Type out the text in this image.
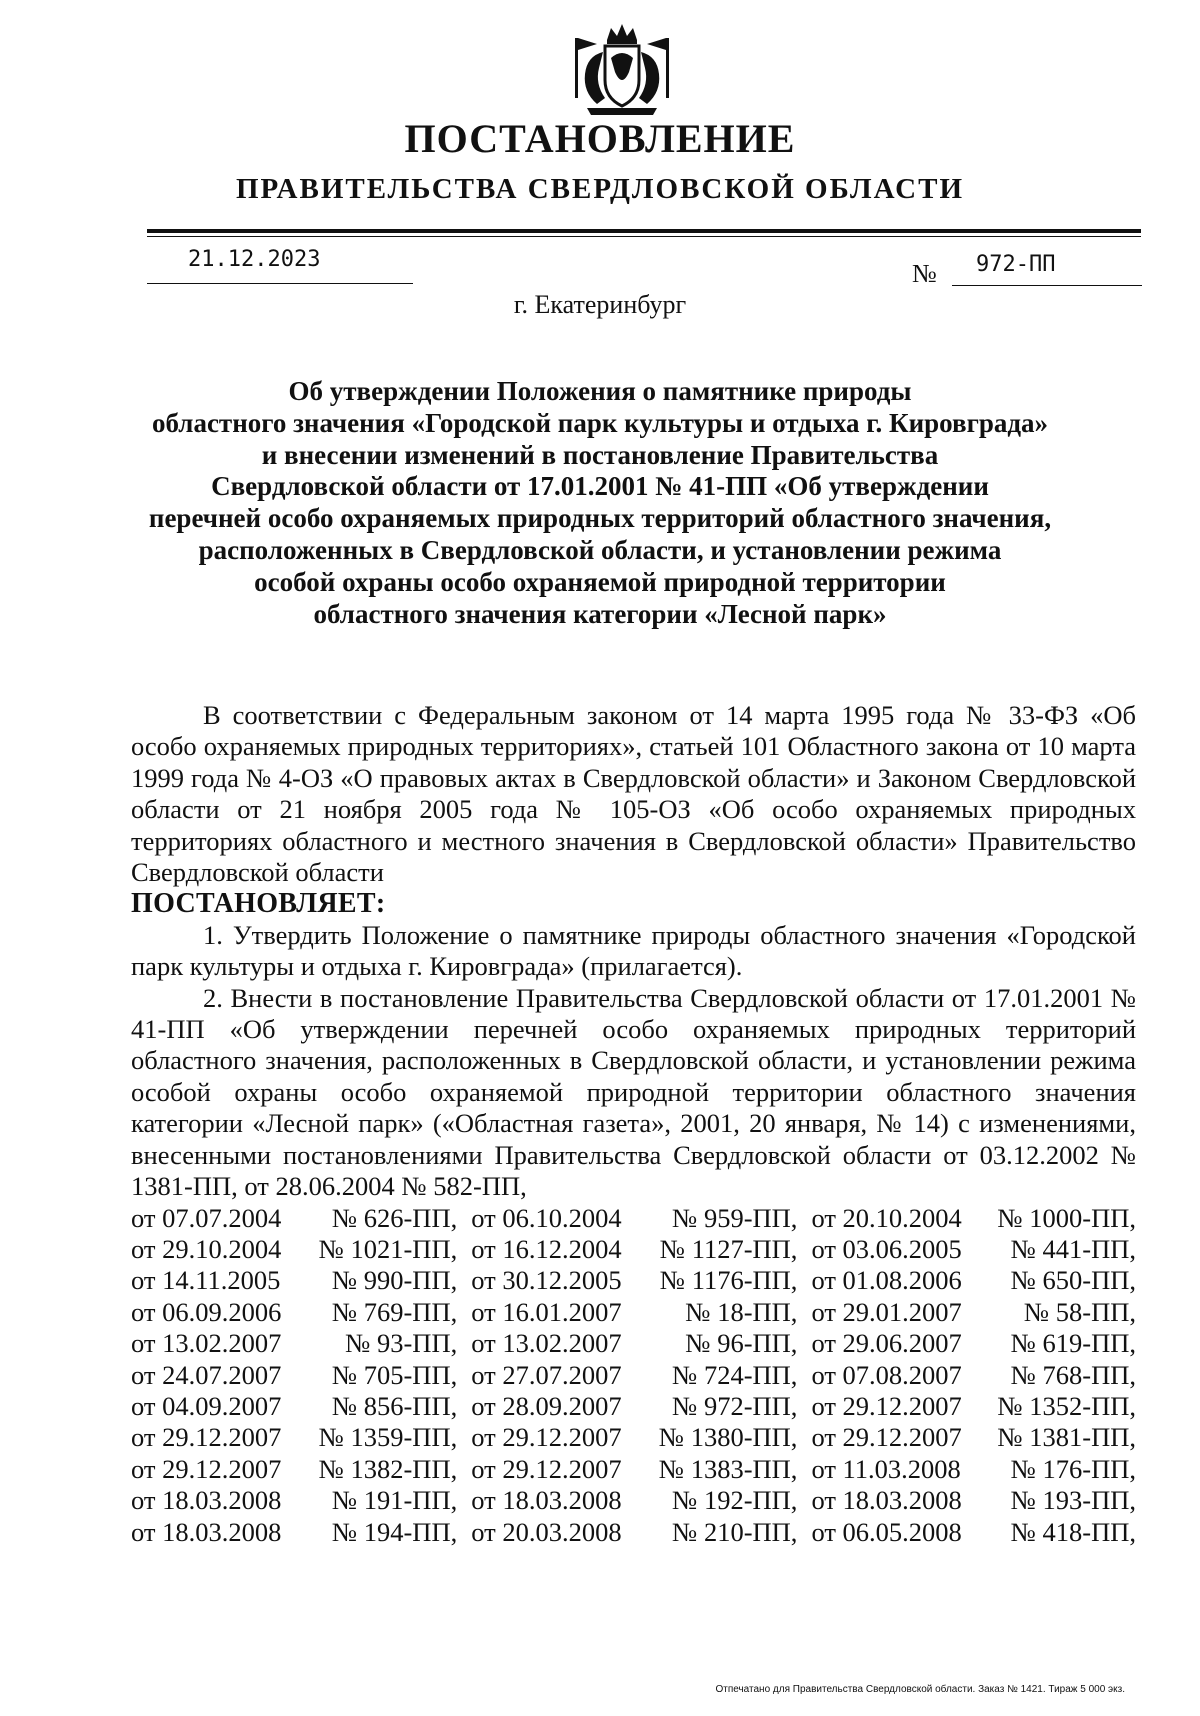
ПОСТАНОВЛЕНИЕ
ПРАВИТЕЛЬСТВА СВЕРДЛОВСКОЙ ОБЛАСТИ
21.12.2023	№ 972-ПП
г. Екатеринбург

Об утверждении Положения о памятнике природы

областного значения «Городской парк культуры и отдыха г. Кировграда»

и внесении изменений в постановление Правительства

Свердловской области от 17.01.2001 № 41-ПП «Об утверждении

перечней особо охраняемых природных территорий областного значения,

расположенных в Свердловской области, и установлении режима

особой охраны особо охраняемой природной территории

областного значения категории «Лесной парк»

В соответствии с Федеральным законом от 14 марта 1995 года № 33-ФЗ «Об особо охраняемых природных территориях», статьей 101 Областного закона от 10 марта 1999 года № 4-ОЗ «О правовых актах в Свердловской области» и Законом Свердловской области от 21 ноября 2005 года № 105-ОЗ «Об особо охраняемых природных территориях областного и местного значения в Свердловской области» Правительство Свердловской области

ПОСТАНОВЛЯЕТ:

1. Утвердить Положение о памятнике природы областного значения «Городской парк культуры и отдыха г. Кировграда» (прилагается).

2. Внести в постановление Правительства Свердловской области от 17.01.2001 № 41-ПП «Об утверждении перечней особо охраняемых природных территорий областного значения, расположенных в Свердловской области, и установлении режима особой охраны особо охраняемой природной территории областного значения категории «Лесной парк» («Областная газета», 2001, 20 января, № 14) с изменениями, внесенными постановлениями Правительства Свердловской области от 03.12.2002 № 1381-ПП, от 28.06.2004 № 582-ПП,

от 07.07.2004	№ 626-ПП,	от 06.10.2004	№ 959-ПП,	от 20.10.2004	№ 1000-ПП,
от 29.10.2004	№ 1021-ПП,	от 16.12.2004	№ 1127-ПП,	от 03.06.2005	№ 441-ПП,
от 14.11.2005	№ 990-ПП,	от 30.12.2005	№ 1176-ПП,	от 01.08.2006	№ 650-ПП,
от 06.09.2006	№ 769-ПП,	от 16.01.2007	№ 18-ПП,	от 29.01.2007	№ 58-ПП,
от 13.02.2007	№ 93-ПП,	от 13.02.2007	№ 96-ПП,	от 29.06.2007	№ 619-ПП,
от 24.07.2007	№ 705-ПП,	от 27.07.2007	№ 724-ПП,	от 07.08.2007	№ 768-ПП,
от 04.09.2007	№ 856-ПП,	от 28.09.2007	№ 972-ПП,	от 29.12.2007	№ 1352-ПП,
от 29.12.2007	№ 1359-ПП,	от 29.12.2007	№ 1380-ПП,	от 29.12.2007	№ 1381-ПП,
от 29.12.2007	№ 1382-ПП,	от 29.12.2007	№ 1383-ПП,	от 11.03.2008	№ 176-ПП,
от 18.03.2008	№ 191-ПП,	от 18.03.2008	№ 192-ПП,	от 18.03.2008	№ 193-ПП,
от 18.03.2008	№ 194-ПП,	от 20.03.2008	№ 210-ПП,	от 06.05.2008	№ 418-ПП,
Отпечатано для Правительства Свердловской области. Заказ № 1421. Тираж 5 000 экз.
